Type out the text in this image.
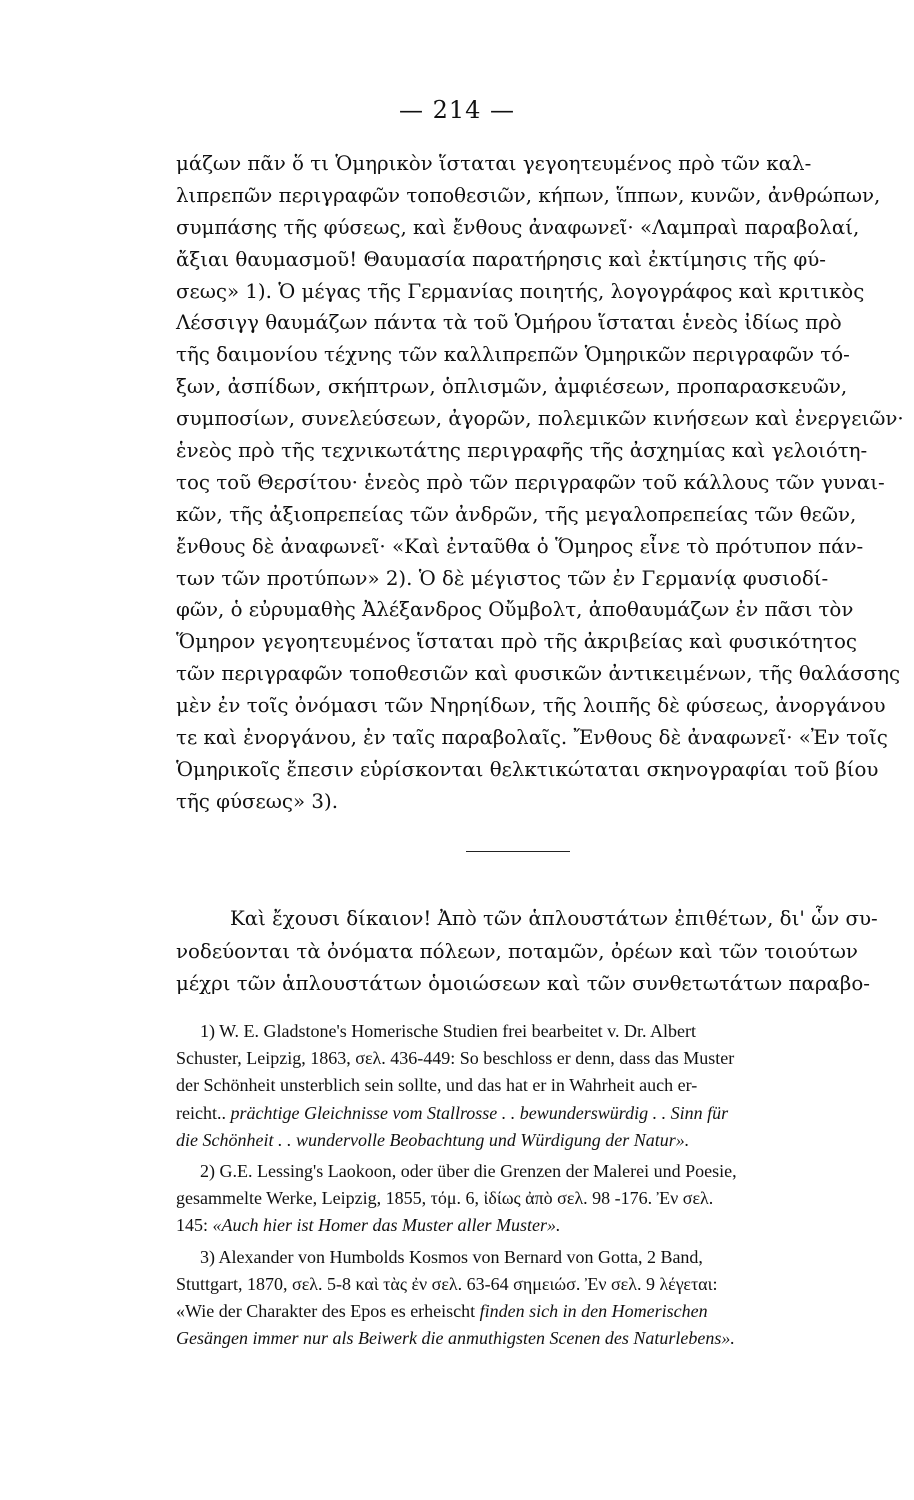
— 214 —
μάζων πᾶν ὅ τι Ὁμηρικὸν ἵσταται γεγοητευμένος πρὸ τῶν καλ-
λιπρεπῶν περιγραφῶν τοποθεσιῶν, κήπων, ἵππων, κυνῶν, ἀνθρώπων,
συμπάσης τῆς φύσεως, καὶ ἔνθους ἀναφωνεῖ· «Λαμπραὶ παραβολαί,
ἄξιαι θαυμασμοῦ! Θαυμασία παρατήρησις καὶ ἐκτίμησις τῆς φύ-
σεως» 1). Ὁ μέγας τῆς Γερμανίας ποιητής, λογογράφος καὶ κριτικὸς
Λέσσιγγ θαυμάζων πάντα τὰ τοῦ Ὁμήρου ἵσταται ἑνεὸς ἰδίως πρὸ
τῆς δαιμονίου τέχνης τῶν καλλιπρεπῶν Ὁμηρικῶν περιγραφῶν τό-
ξων, ἀσπίδων, σκήπτρων, ὁπλισμῶν, ἀμφιέσεων, προπαρασκευῶν,
συμποσίων, συνελεύσεων, ἀγορῶν, πολεμικῶν κινήσεων καὶ ἐνεργειῶν·
ἑνεὸς πρὸ τῆς τεχνικωτάτης περιγραφῆς τῆς ἀσχημίας καὶ γελοιότη-
τος τοῦ Θερσίτου· ἑνεὸς πρὸ τῶν περιγραφῶν τοῦ κάλλους τῶν γυναι-
κῶν, τῆς ἀξιοπρεπείας τῶν ἀνδρῶν, τῆς μεγαλοπρεπείας τῶν θεῶν,
ἔνθους δὲ ἀναφωνεῖ· «Καὶ ἐνταῦθα ὁ Ὅμηρος εἶνε τὸ πρότυπον πάν-
των τῶν προτύπων» 2). Ὁ δὲ μέγιστος τῶν ἐν Γερμανίᾳ φυσιοδί-
φῶν, ὁ εὐρυμαθὴς Ἀλέξανδρος Οὔμβολτ, ἀποθαυμάζων ἐν πᾶσι τὸν
Ὅμηρον γεγοητευμένος ἵσταται πρὸ τῆς ἀκριβείας καὶ φυσικότητος
τῶν περιγραφῶν τοποθεσιῶν καὶ φυσικῶν ἀντικειμένων, τῆς θαλάσσης
μὲν ἐν τοῖς ὀνόμασι τῶν Νηρηίδων, τῆς λοιπῆς δὲ φύσεως, ἀνοργάνου
τε καὶ ἐνοργάνου, ἐν ταῖς παραβολαῖς. Ἔνθους δὲ ἀναφωνεῖ· «Ἐν τοῖς
Ὁμηρικοῖς ἔπεσιν εὑρίσκονται θελκτικώταται σκηνογραφίαι τοῦ βίου
τῆς φύσεως» 3).
Καὶ ἔχουσι δίκαιον! Ἀπὸ τῶν ἁπλουστάτων ἐπιθέτων, δι' ὧν συ-
νοδεύονται τὰ ὀνόματα πόλεων, ποταμῶν, ὀρέων καὶ τῶν τοιούτων
μέχρι τῶν ἁπλουστάτων ὁμοιώσεων καὶ τῶν συνθετωτάτων παραβο-
1) W. E. Gladstone's Homerische Studien frei bearbeitet v. Dr. Albert
Schuster, Leipzig, 1863, σελ. 436-449: So beschloss er denn, dass das Muster
der Schönheit unsterblich sein sollte, und das hat er in Wahrheit auch er-
reicht.. prächtige Gleichnisse vom Stallrosse . . bewunderswürdig . . Sinn für
die Schönheit . . wundervolle Beobachtung und Würdigung der Natur».
2) G.E. Lessing's Laokoon, oder über die Grenzen der Malerei und Poesie,
gesammelte Werke, Leipzig, 1855, τόμ. 6, ἰδίως ἀπὸ σελ. 98 -176. Ἐν σελ.
145: «Auch hier ist Homer das Muster aller Muster».
3) Alexander von Humbolds Kosmos von Bernard von Gotta, 2 Band,
Stuttgart, 1870, σελ. 5-8 καὶ τὰς ἐν σελ. 63-64 σημειώσ. Ἐν σελ. 9 λέγεται:
«Wie der Charakter des Epos es erheischt finden sich in den Homerischen
Gesängen immer nur als Beiwerk die anmuthigsten Scenen des Naturlebens».
